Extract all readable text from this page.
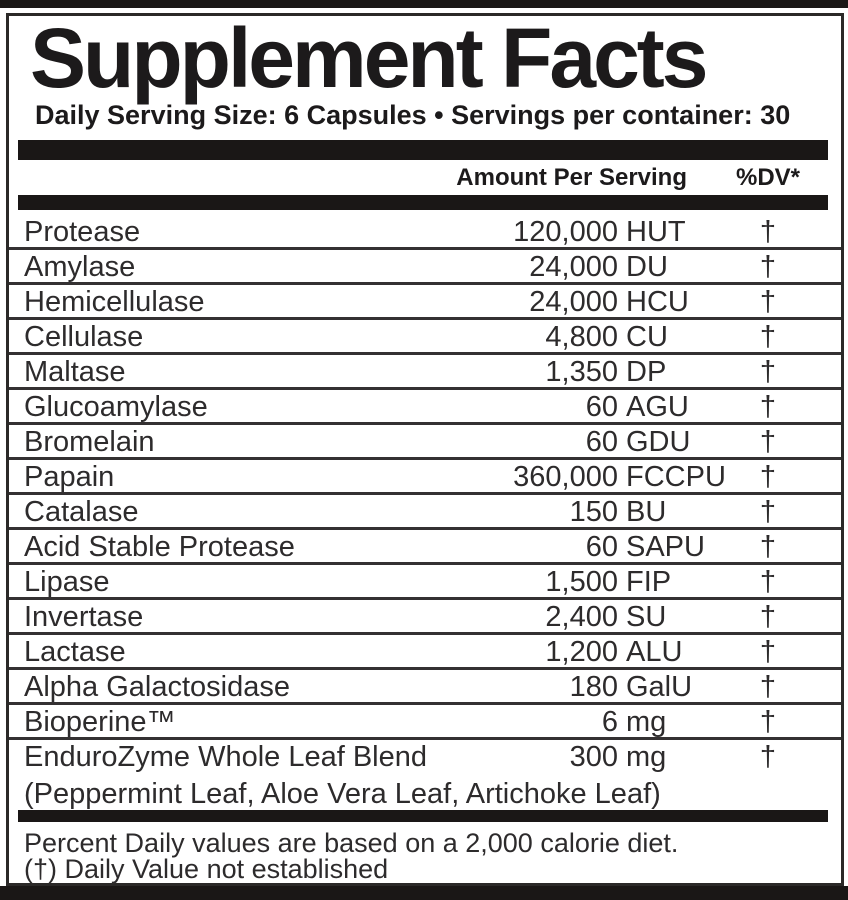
Supplement Facts
Daily Serving Size: 6 Capsules • Servings per container: 30
Amount Per Serving %DV*
Protease	120,000 HUT	†
Amylase	24,000 DU	†
Hemicellulase	24,000 HCU	†
Cellulase	4,800 CU	†
Maltase	1,350 DP	†
Glucoamylase	60 AGU	†
Bromelain	60 GDU	†
Papain	360,000 FCCPU	†
Catalase	150 BU	†
Acid Stable Protease	60 SAPU	†
Lipase	1,500 FIP	†
Invertase	2,400 SU	†
Lactase	1,200 ALU	†
Alpha Galactosidase	180 GalU	†
Bioperine™	6 mg	†
EnduroZyme Whole Leaf Blend	300 mg	†
(Peppermint Leaf, Aloe Vera Leaf, Artichoke Leaf)
Percent Daily values are based on a 2,000 calorie diet.
(†) Daily Value not established
